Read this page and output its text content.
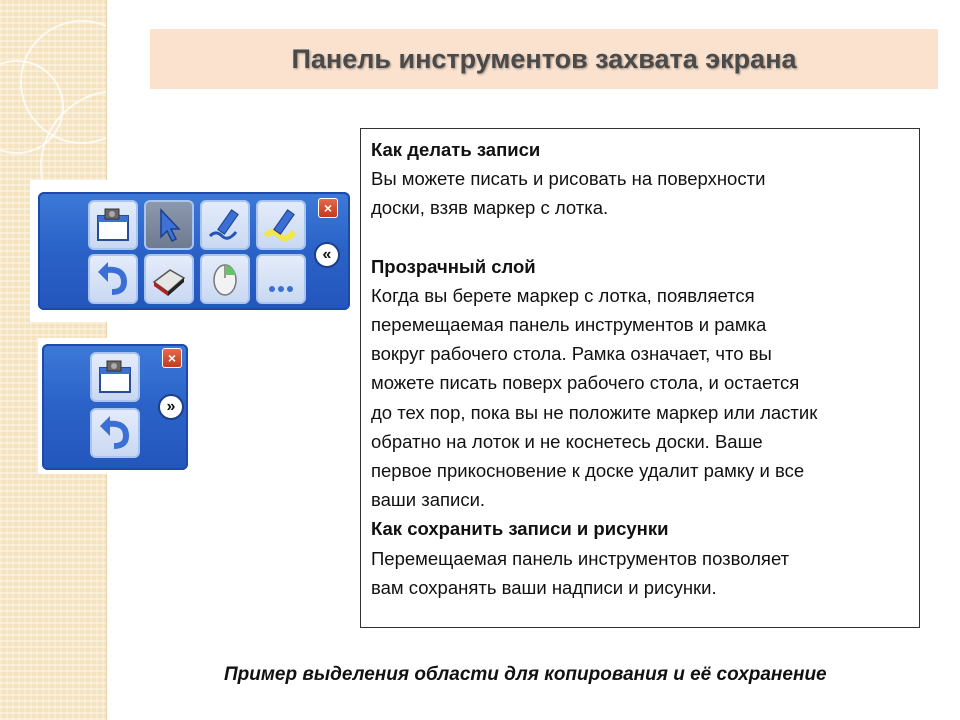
Панель инструментов захвата экрана
×
«
×
»

Как делать записи

Вы можете писать и рисовать на поверхности

доски, взяв маркер с лотка.

Прозрачный слой

Когда вы берете маркер с лотка, появляется

перемещаемая панель инструментов и рамка

вокруг рабочего стола. Рамка означает, что вы

можете писать поверх рабочего стола, и остается

до тех пор, пока вы не положите маркер или ластик

обратно на лоток и не коснетесь доски. Ваше

первое прикосновение к доске удалит рамку и все

ваши записи.

Как сохранить записи и рисунки

Перемещаемая панель инструментов позволяет

вам сохранять ваши надписи и рисунки.

Пример выделения области для копирования и её сохранение
